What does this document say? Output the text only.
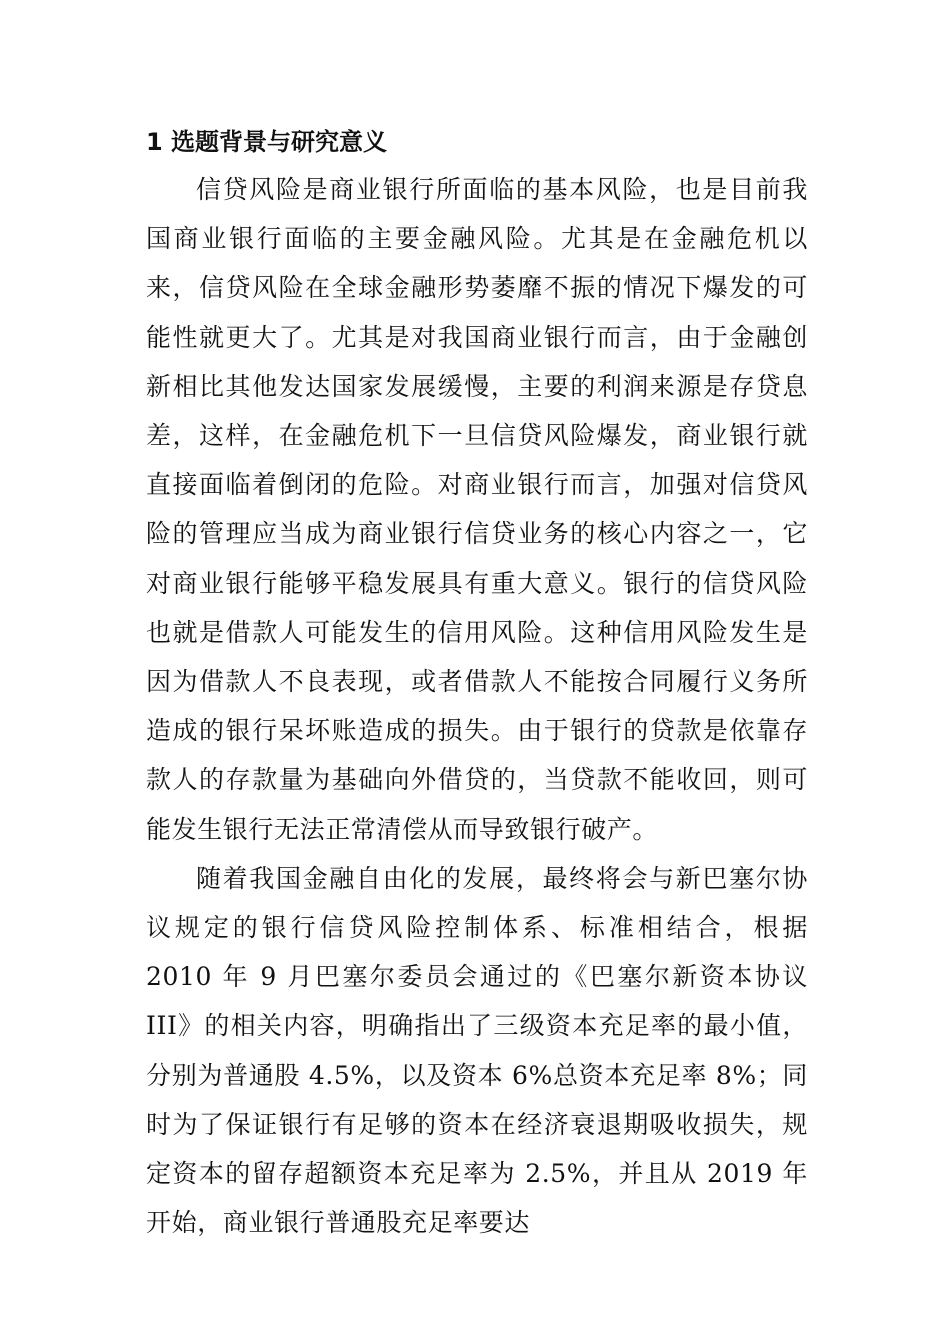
1 选题背景与研究意义

信贷风险是商业银行所面临的基本风险，也是目前我国商业银行面临的主要金融风险。尤其是在金融危机以来，信贷风险在全球金融形势萎靡不振的情况下爆发的可能性就更大了。尤其是对我国商业银行而言，由于金融创新相比其他发达国家发展缓慢，主要的利润来源是存贷息差，这样，在金融危机下一旦信贷风险爆发，商业银行就直接面临着倒闭的危险。对商业银行而言，加强对信贷风险的管理应当成为商业银行信贷业务的核心内容之一，它对商业银行能够平稳发展具有重大意义。银行的信贷风险也就是借款人可能发生的信用风险。这种信用风险发生是因为借款人不良表现，或者借款人不能按合同履行义务所造成的银行呆坏账造成的损失。由于银行的贷款是依靠存款人的存款量为基础向外借贷的，当贷款不能收回，则可能发生银行无法正常清偿从而导致银行破产。

随着我国金融自由化的发展，最终将会与新巴塞尔协议规定的银行信贷风险控制体系、标准相结合，根据 2010 年 9 月巴塞尔委员会通过的《巴塞尔新资本协议 III》的相关内容，明确指出了三级资本充足率的最小值，分别为普通股 4.5%，以及资本 6%总资本充足率 8%；同时为了保证银行有足够的资本在经济衰退期吸收损失，规定资本的留存超额资本充足率为 2.5%，并且从 2019 年开始，商业银行普通股充足率要达
